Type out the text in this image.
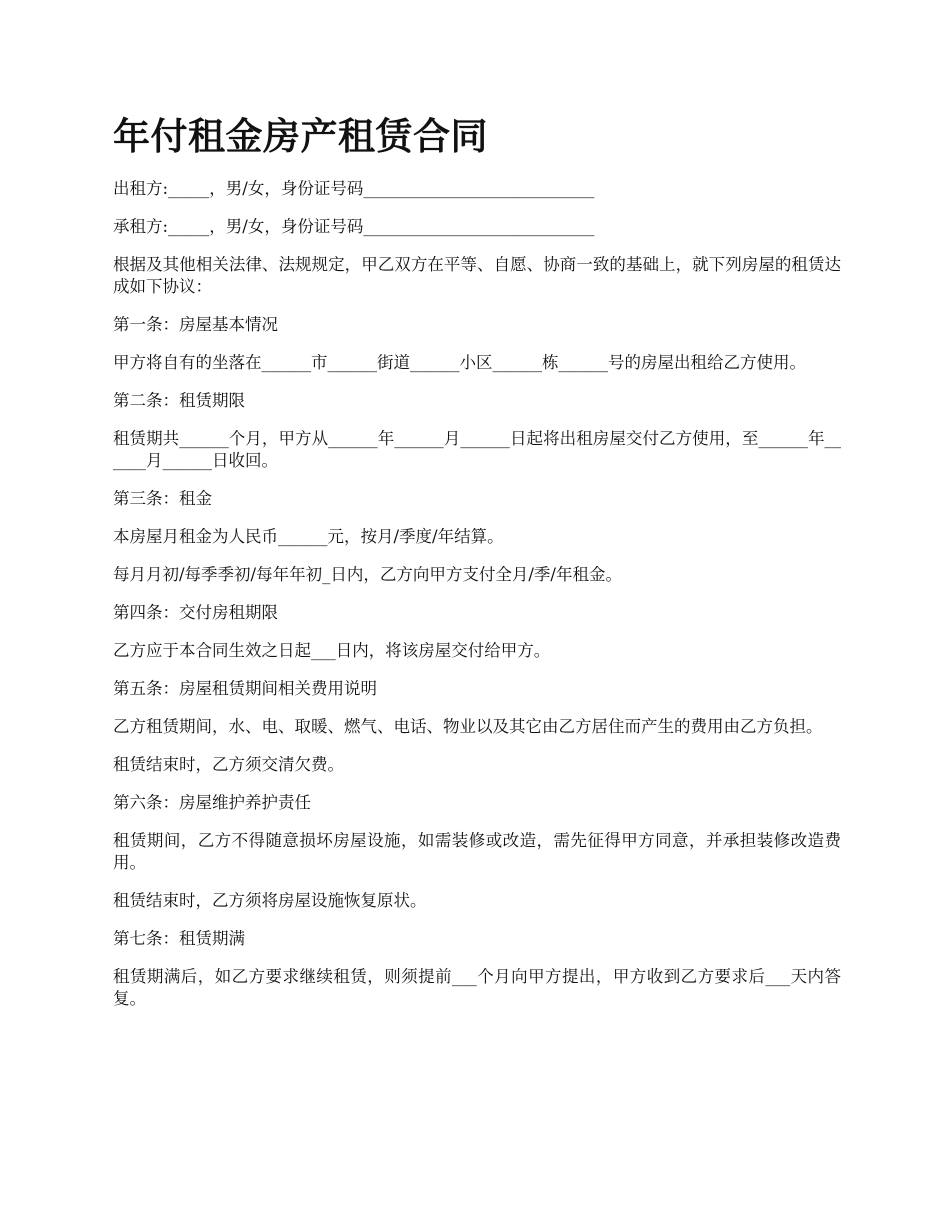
年付租金房产租赁合同

出租方:_____，男/女，身份证号码____________________________

承租方:_____，男/女，身份证号码____________________________

根据及其他相关法律、法规规定，甲乙双方在平等、自愿、协商一致的基础上，就下列房屋的租赁达成如下协议：

第一条：房屋基本情况

甲方将自有的坐落在______市______街道______小区______栋______号的房屋出租给乙方使用。

第二条：租赁期限

租赁期共______个月，甲方从______年______月______日起将出租房屋交付乙方使用，至______年______月______日收回。

第三条：租金

本房屋月租金为人民币______元，按月/季度/年结算。

每月月初/每季季初/每年年初_日内，乙方向甲方支付全月/季/年租金。

第四条：交付房租期限

乙方应于本合同生效之日起___日内，将该房屋交付给甲方。

第五条：房屋租赁期间相关费用说明

乙方租赁期间，水、电、取暖、燃气、电话、物业以及其它由乙方居住而产生的费用由乙方负担。

租赁结束时，乙方须交清欠费。

第六条：房屋维护养护责任

租赁期间，乙方不得随意损坏房屋设施，如需装修或改造，需先征得甲方同意，并承担装修改造费用。

租赁结束时，乙方须将房屋设施恢复原状。

第七条：租赁期满

租赁期满后，如乙方要求继续租赁，则须提前___个月向甲方提出，甲方收到乙方要求后___天内答复。
